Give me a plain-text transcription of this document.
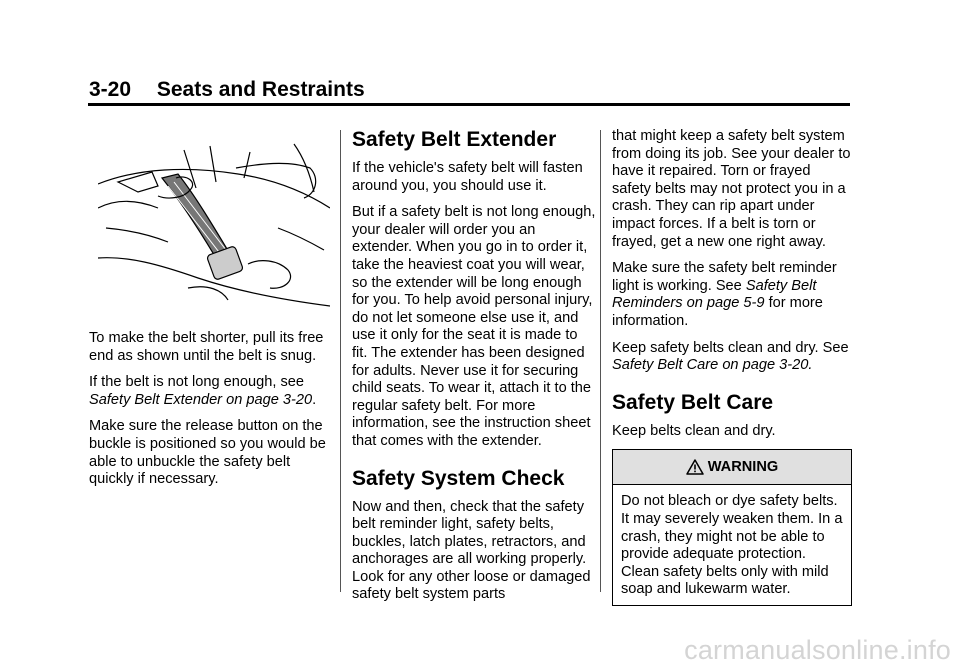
3-20 Seats and Restraints

To make the belt shorter, pull its free end as shown until the belt is snug.

If the belt is not long enough, see Safety Belt Extender on page 3-20.

Make sure the release button on the buckle is positioned so you would be able to unbuckle the safety belt quickly if necessary.

Safety Belt Extender

If the vehicle's safety belt will fasten around you, you should use it.

But if a safety belt is not long enough, your dealer will order you an extender. When you go in to order it, take the heaviest coat you will wear, so the extender will be long enough for you. To help avoid personal injury, do not let someone else use it, and use it only for the seat it is made to fit. The extender has been designed for adults. Never use it for securing child seats. To wear it, attach it to the regular safety belt. For more information, see the instruction sheet that comes with the extender.

Safety System Check

Now and then, check that the safety belt reminder light, safety belts, buckles, latch plates, retractors, and anchorages are all working properly. Look for any other loose or damaged safety belt system parts

that might keep a safety belt system from doing its job. See your dealer to have it repaired. Torn or frayed safety belts may not protect you in a crash. They can rip apart under impact forces. If a belt is torn or frayed, get a new one right away.

Make sure the safety belt reminder light is working. See Safety Belt Reminders on page 5-9 for more information.

Keep safety belts clean and dry. See Safety Belt Care on page 3-20.

Safety Belt Care

Keep belts clean and dry.

WARNING
Do not bleach or dye safety belts. It may severely weaken them. In a crash, they might not be able to provide adequate protection. Clean safety belts only with mild soap and lukewarm water.
carmanualsonline.info
